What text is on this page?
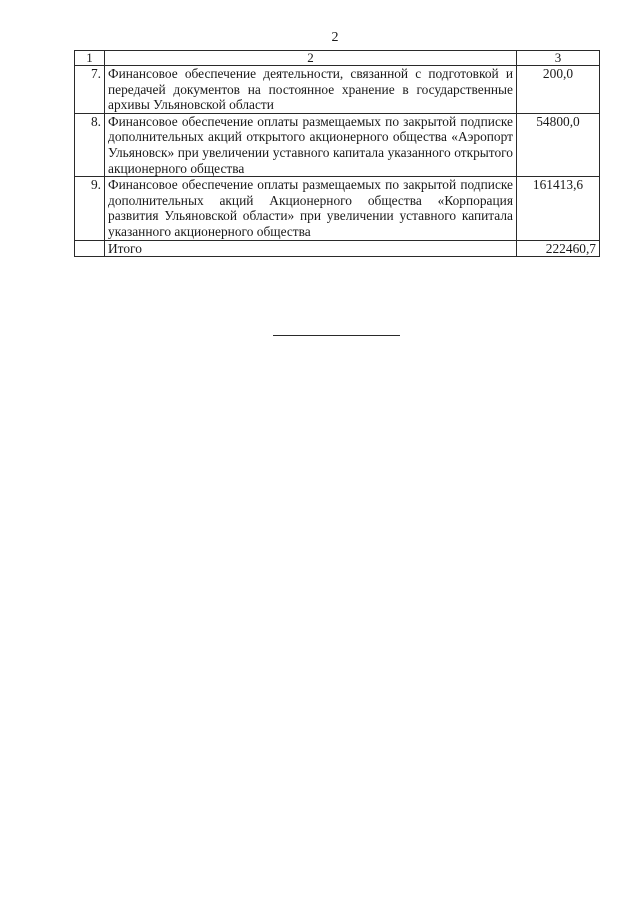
2
1	2	3
7.	Финансовое обеспечение деятельности, связанной с подготовкой и передачей документов на постоянное хранение в государственные архивы Ульяновской области	200,0
8.	Финансовое обеспечение оплаты размещаемых по закрытой подписке дополнительных акций открытого акционерного общества «Аэропорт Ульяновск» при увеличении уставного капитала указанного открытого акционерного общества	54800,0
9.	Финансовое обеспечение оплаты размещаемых по закрытой подписке дополнительных акций Акционерного общества «Корпорация развития Ульяновской области» при увеличении уставного капитала указанного акционерного общества	161413,6
	Итого	222460,7
